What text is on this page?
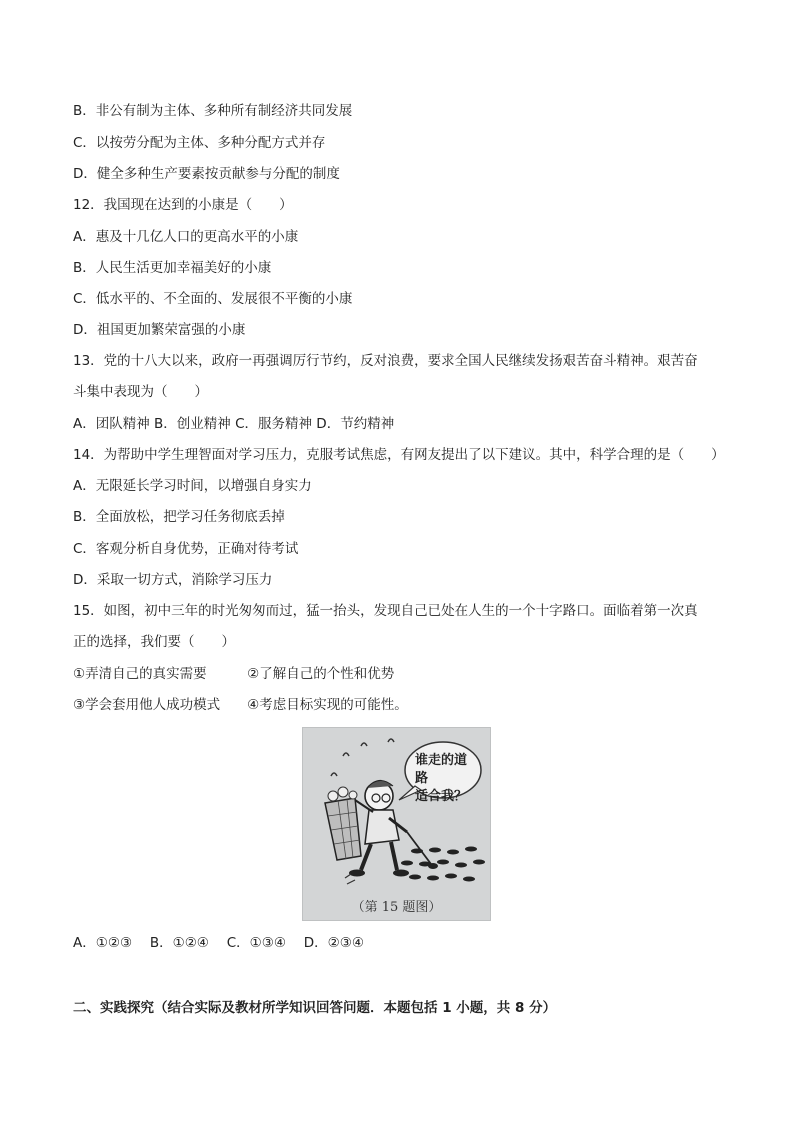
B．非公有制为主体、多种所有制经济共同发展
C．以按劳分配为主体、多种分配方式并存
D．健全多种生产要素按贡献参与分配的制度
12．我国现在达到的小康是（　　）
A．惠及十几亿人口的更高水平的小康
B．人民生活更加幸福美好的小康
C．低水平的、不全面的、发展很不平衡的小康
D．祖国更加繁荣富强的小康
13．党的十八大以来，政府一再强调厉行节约，反对浪费，要求全国人民继续发扬艰苦奋斗精神。艰苦奋
斗集中表现为（　　）
A．团队精神 B．创业精神 C．服务精神 D．节约精神
14．为帮助中学生理智面对学习压力，克服考试焦虑，有网友提出了以下建议。其中，科学合理的是（　　）
A．无限延长学习时间，以增强自身实力
B．全面放松，把学习任务彻底丢掉
C．客观分析自身优势，正确对待考试
D．采取一切方式，消除学习压力
15．如图，初中三年的时光匆匆而过，猛一抬头，发现自己已处在人生的一个十字路口。面临着第一次真
正的选择，我们要（　　）
①弄清自己的真实需要　　　②了解自己的个性和优势
③学会套用他人成功模式　　④考虑目标实现的可能性。
谁走的道路
适合我？
（第 15 题图）
A．①②③　 B．①②④　 C．①③④　 D．②③④
二、实践探究（结合实际及教材所学知识回答问题．本题包括 1 小题，共 8 分）
